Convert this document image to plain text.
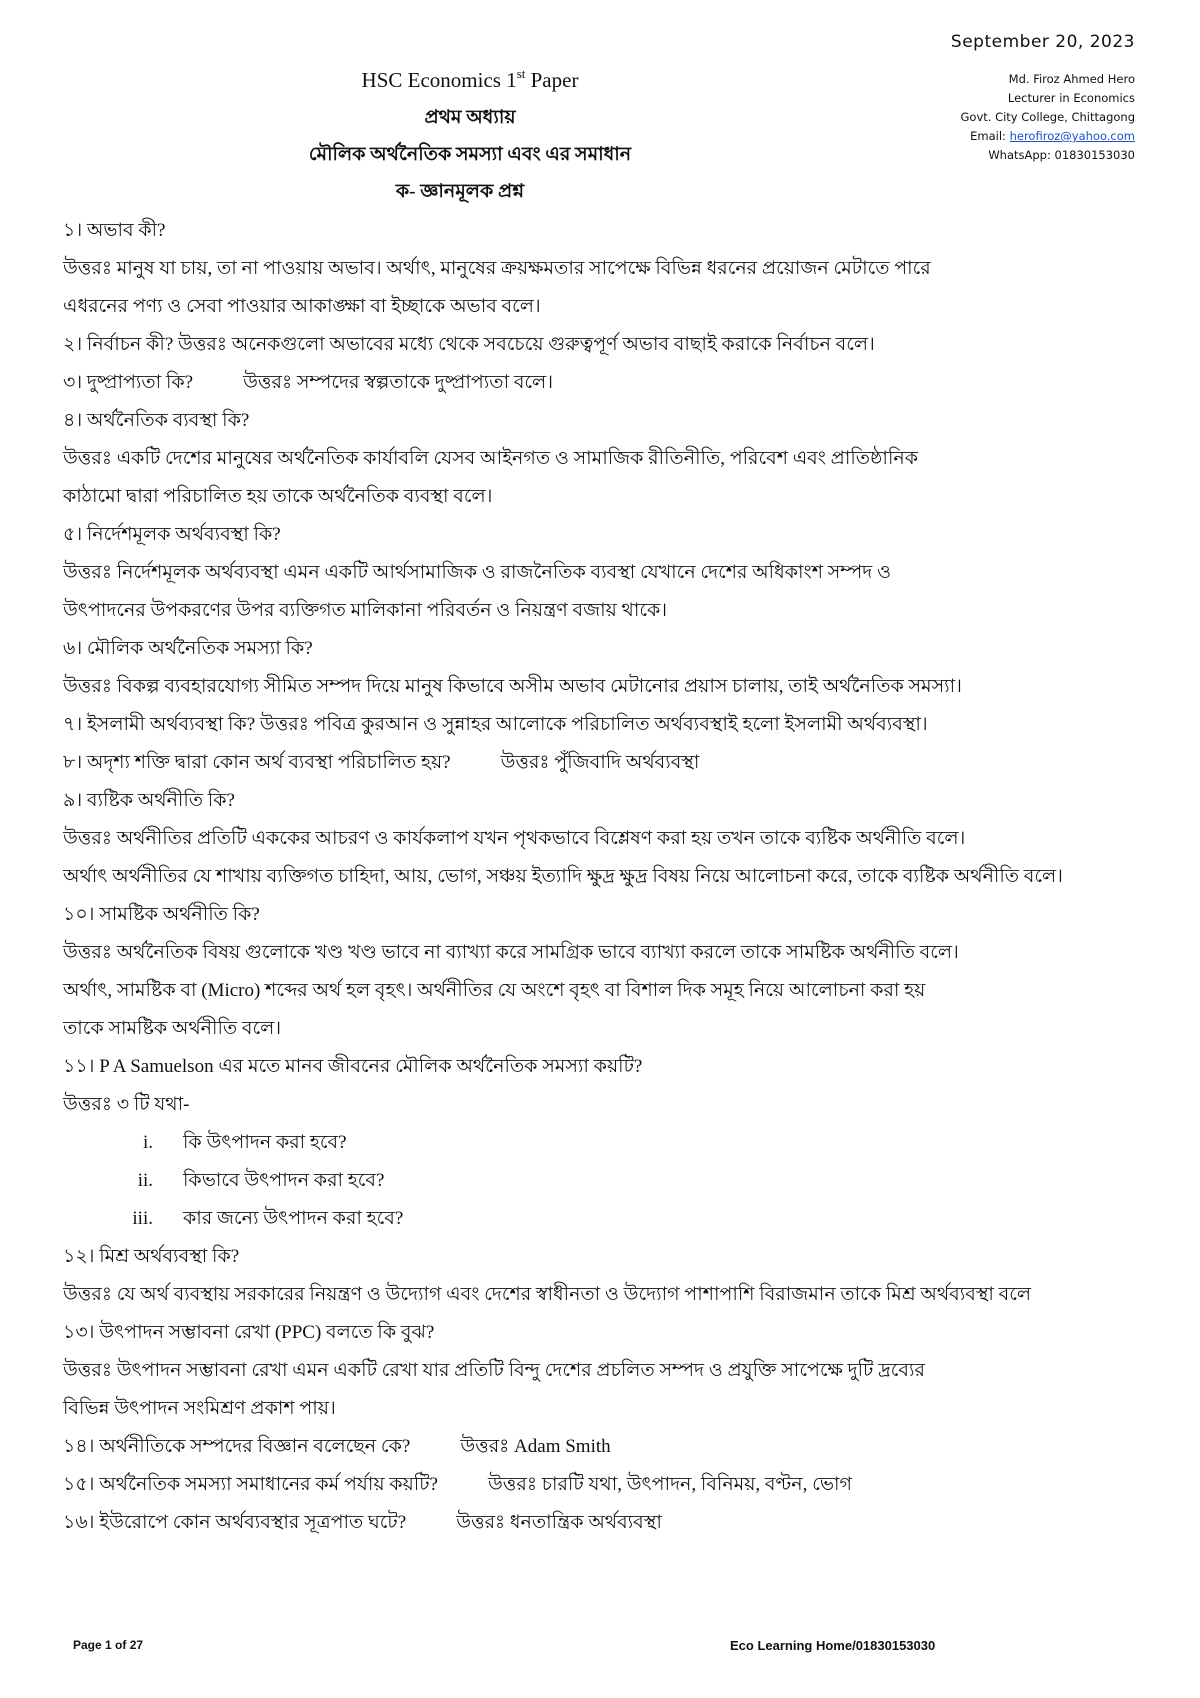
September 20, 2023
Md. Firoz Ahmed Hero
Lecturer in Economics
Govt. City College, Chittagong
Email: herofiroz@yahoo.com
WhatsApp: 01830153030
HSC Economics 1st Paper
প্রথম অধ্যায়
মৌলিক অর্থনৈতিক সমস্যা এবং এর সমাধান
ক- জ্ঞানমূলক প্রশ্ন
১। অভাব কী?
উত্তরঃ মানুষ যা চায়, তা না পাওয়ায় অভাব। অর্থাৎ, মানুষের ক্রয়ক্ষমতার সাপেক্ষে বিভিন্ন ধরনের প্রয়োজন মেটাতে পারে
এধরনের পণ্য ও সেবা পাওয়ার আকাঙ্ক্ষা বা ইচ্ছাকে অভাব বলে।
২। নির্বাচন কী? উত্তরঃ অনেকগুলো অভাবের মধ্যে থেকে সবচেয়ে গুরুত্বপূর্ণ অভাব বাছাই করাকে নির্বাচন বলে।
৩। দুষ্প্রাপ্যতা কি?	উত্তরঃ সম্পদের স্বল্পতাকে দুষ্প্রাপ্যতা বলে।
৪। অর্থনৈতিক ব্যবস্থা কি?
উত্তরঃ একটি দেশের মানুষের অর্থনৈতিক কার্যাবলি যেসব আইনগত ও সামাজিক রীতিনীতি, পরিবেশ এবং প্রাতিষ্ঠানিক
কাঠামো দ্বারা পরিচালিত হয় তাকে অর্থনৈতিক ব্যবস্থা বলে।
৫। নির্দেশমূলক অর্থব্যবস্থা কি?
উত্তরঃ নির্দেশমূলক অর্থব্যবস্থা এমন একটি আর্থসামাজিক ও রাজনৈতিক ব্যবস্থা যেখানে দেশের অধিকাংশ সম্পদ ও
উৎপাদনের উপকরণের উপর ব্যক্তিগত মালিকানা পরিবর্তন ও নিয়ন্ত্রণ বজায় থাকে।
৬। মৌলিক অর্থনৈতিক সমস্যা কি?
উত্তরঃ বিকল্প ব্যবহারযোগ্য সীমিত সম্পদ দিয়ে মানুষ কিভাবে অসীম অভাব মেটানোর প্রয়াস চালায়, তাই অর্থনৈতিক সমস্যা।
৭। ইসলামী অর্থব্যবস্থা কি? উত্তরঃ পবিত্র কুরআন ও সুন্নাহর আলোকে পরিচালিত অর্থব্যবস্থাই হলো ইসলামী অর্থব্যবস্থা।
৮। অদৃশ্য শক্তি দ্বারা কোন অর্থ ব্যবস্থা পরিচালিত হয়?	উত্তরঃ পুঁজিবাদি অর্থব্যবস্থা
৯। ব্যষ্টিক অর্থনীতি কি?
উত্তরঃ অর্থনীতির প্রতিটি এককের আচরণ ও কার্যকলাপ যখন পৃথকভাবে বিশ্লেষণ করা হয় তখন তাকে ব্যষ্টিক অর্থনীতি বলে।
অর্থাৎ অর্থনীতির যে শাখায় ব্যক্তিগত চাহিদা, আয়, ভোগ, সঞ্চয় ইত্যাদি ক্ষুদ্র ক্ষুদ্র বিষয় নিয়ে আলোচনা করে, তাকে ব্যষ্টিক অর্থনীতি বলে।
১০। সামষ্টিক অর্থনীতি কি?
উত্তরঃ অর্থনৈতিক বিষয় গুলোকে খণ্ড খণ্ড ভাবে না ব্যাখ্যা করে সামগ্রিক ভাবে ব্যাখ্যা করলে তাকে সামষ্টিক অর্থনীতি বলে।
অর্থাৎ, সামষ্টিক বা (Micro) শব্দের অর্থ হল বৃহৎ। অর্থনীতির যে অংশে বৃহৎ বা বিশাল দিক সমূহ নিয়ে আলোচনা করা হয়
তাকে সামষ্টিক অর্থনীতি বলে।
১১। P A Samuelson এর মতে মানব জীবনের মৌলিক অর্থনৈতিক সমস্যা কয়টি?
উত্তরঃ ৩ টি যথা-
i. কি উৎপাদন করা হবে?
ii. কিভাবে উৎপাদন করা হবে?
iii. কার জন্যে উৎপাদন করা হবে?
১২। মিশ্র অর্থব্যবস্থা কি?
উত্তরঃ যে অর্থ ব্যবস্থায় সরকারের নিয়ন্ত্রণ ও উদ্যোগ এবং দেশের স্বাধীনতা ও উদ্যোগ পাশাপাশি বিরাজমান তাকে মিশ্র অর্থব্যবস্থা বলে
১৩। উৎপাদন সম্ভাবনা রেখা (PPC) বলতে কি বুঝ?
উত্তরঃ উৎপাদন সম্ভাবনা রেখা এমন একটি রেখা যার প্রতিটি বিন্দু দেশের প্রচলিত সম্পদ ও প্রযুক্তি সাপেক্ষে দুটি দ্রব্যের
বিভিন্ন উৎপাদন সংমিশ্রণ প্রকাশ পায়।
১৪। অর্থনীতিকে সম্পদের বিজ্ঞান বলেছেন কে?	উত্তরঃ Adam Smith
১৫। অর্থনৈতিক সমস্যা সমাধানের কর্ম পর্যায় কয়টি?	উত্তরঃ চারটি যথা, উৎপাদন, বিনিময়, বণ্টন, ভোগ
১৬। ইউরোপে কোন অর্থব্যবস্থার সূত্রপাত ঘটে?	উত্তরঃ ধনতান্ত্রিক অর্থব্যবস্থা
Page 1 of 27	Eco Learning Home/01830153030
